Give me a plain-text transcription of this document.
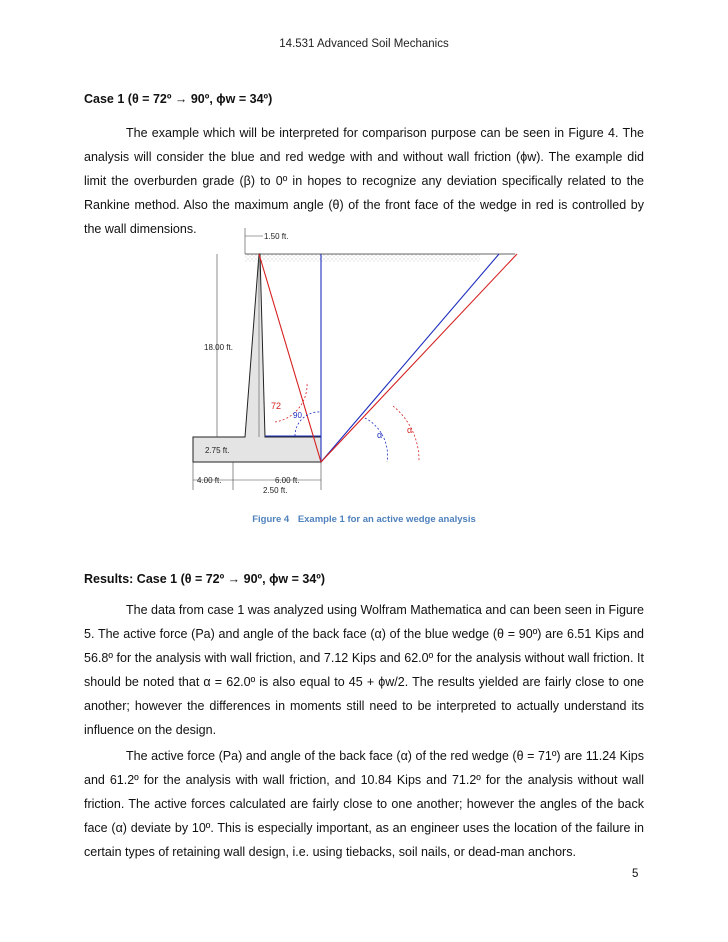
14.531 Advanced Soil Mechanics
Case 1 (θ = 72º → 90º, ϕw = 34º)

The example which will be interpreted for comparison purpose can be seen in Figure 4. The analysis will consider the blue and red wedge with and without wall friction (ϕw). The example did limit the overburden grade (β) to 0º in hopes to recognize any deviation specifically related to the Rankine method. Also the maximum angle (θ) of the front face of the wedge in red is controlled by the wall dimensions.

72
90
α	α
1.50 ft.
18.00 ft.
2.75 ft.
4.00 ft.	6.00 ft.
2.50 ft.
Figure 4 Example 1 for an active wedge analysis
Results: Case 1 (θ = 72º → 90º, ϕw = 34º)

The data from case 1 was analyzed using Wolfram Mathematica and can been seen in Figure 5. The active force (Pa) and angle of the back face (α) of the blue wedge (θ = 90º) are 6.51 Kips and 56.8º for the analysis with wall friction, and 7.12 Kips and 62.0º for the analysis without wall friction. It should be noted that α = 62.0º is also equal to 45 + ϕw/2. The results yielded are fairly close to one another; however the differences in moments still need to be interpreted to actually understand its influence on the design.

The active force (Pa) and angle of the back face (α) of the red wedge (θ = 71º) are 11.24 Kips and 61.2º for the analysis with wall friction, and 10.84 Kips and 71.2º for the analysis without wall friction. The active forces calculated are fairly close to one another; however the angles of the back face (α) deviate by 10º. This is especially important, as an engineer uses the location of the failure in certain types of retaining wall design, i.e. using tiebacks, soil nails, or dead-man anchors.

5
